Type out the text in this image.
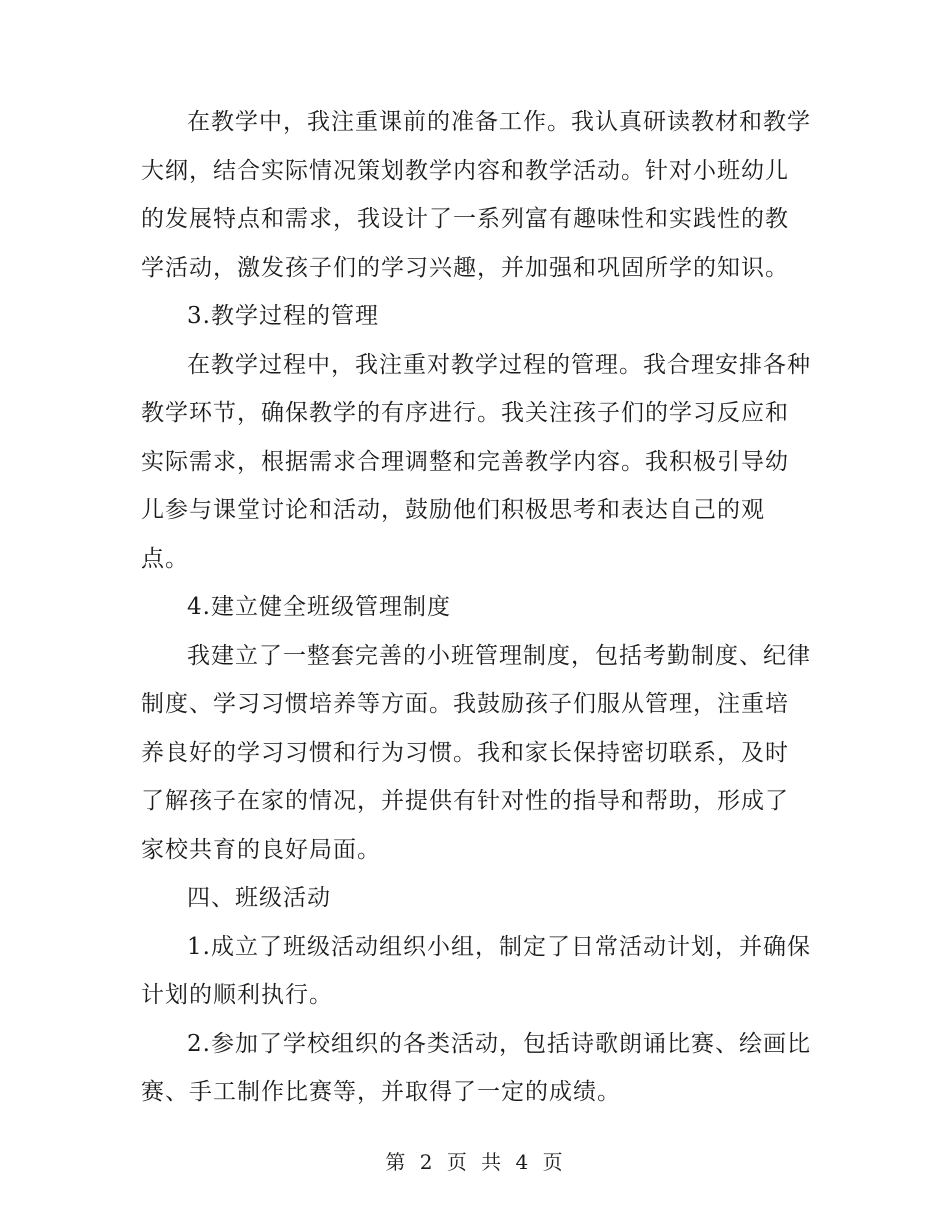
在教学中，我注重课前的准备工作。我认真研读教材和教学大纲，结合实际情况策划教学内容和教学活动。针对小班幼儿的发展特点和需求，我设计了一系列富有趣味性和实践性的教学活动，激发孩子们的学习兴趣，并加强和巩固所学的知识。

3.教学过程的管理

在教学过程中，我注重对教学过程的管理。我合理安排各种教学环节，确保教学的有序进行。我关注孩子们的学习反应和实际需求，根据需求合理调整和完善教学内容。我积极引导幼儿参与课堂讨论和活动，鼓励他们积极思考和表达自己的观点。

4.建立健全班级管理制度

我建立了一整套完善的小班管理制度，包括考勤制度、纪律制度、学习习惯培养等方面。我鼓励孩子们服从管理，注重培养良好的学习习惯和行为习惯。我和家长保持密切联系，及时了解孩子在家的情况，并提供有针对性的指导和帮助，形成了家校共育的良好局面。

四、班级活动

1.成立了班级活动组织小组，制定了日常活动计划，并确保计划的顺利执行。

2.参加了学校组织的各类活动，包括诗歌朗诵比赛、绘画比赛、手工制作比赛等，并取得了一定的成绩。

第 2 页 共 4 页
